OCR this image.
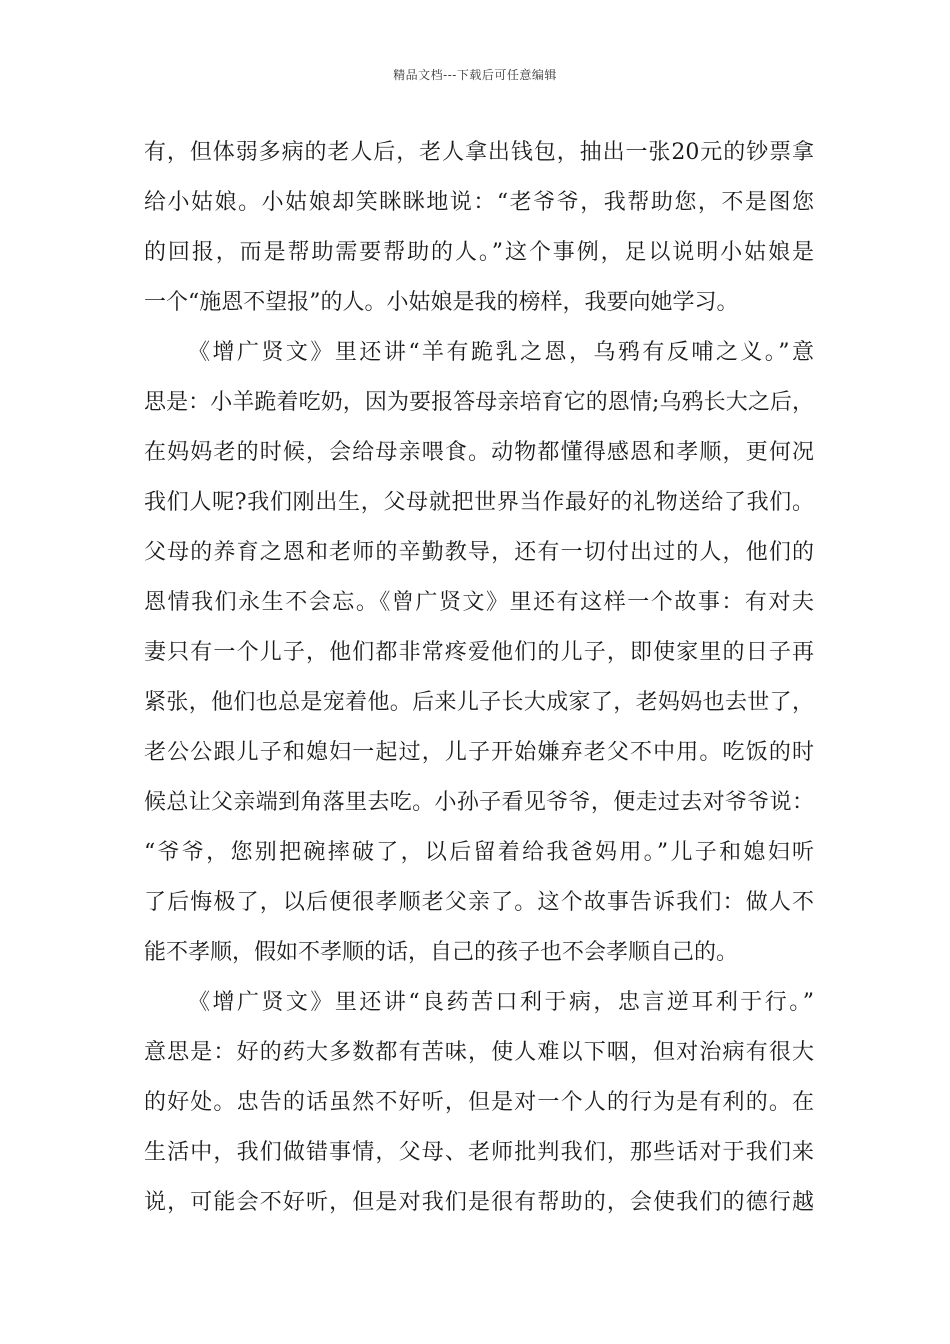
精品文档---下载后可任意编辑
有，但体弱多病的老人后，老人拿出钱包，抽出一张20元的钞票拿
给小姑娘。小姑娘却笑眯眯地说：“老爷爷，我帮助您，不是图您
的回报，而是帮助需要帮助的人。”这个事例，足以说明小姑娘是
一个“施恩不望报”的人。小姑娘是我的榜样，我要向她学习。
《增广贤文》里还讲“羊有跪乳之恩，乌鸦有反哺之义。”意
思是：小羊跪着吃奶，因为要报答母亲培育它的恩情;乌鸦长大之后，
在妈妈老的时候，会给母亲喂食。动物都懂得感恩和孝顺，更何况
我们人呢?我们刚出生，父母就把世界当作最好的礼物送给了我们。
父母的养育之恩和老师的辛勤教导，还有一切付出过的人，他们的
恩情我们永生不会忘。《曾广贤文》里还有这样一个故事：有对夫
妻只有一个儿子，他们都非常疼爱他们的儿子，即使家里的日子再
紧张，他们也总是宠着他。后来儿子长大成家了，老妈妈也去世了，
老公公跟儿子和媳妇一起过，儿子开始嫌弃老父不中用。吃饭的时
候总让父亲端到角落里去吃。小孙子看见爷爷，便走过去对爷爷说：
“爷爷，您别把碗摔破了，以后留着给我爸妈用。”儿子和媳妇听
了后悔极了，以后便很孝顺老父亲了。这个故事告诉我们：做人不
能不孝顺，假如不孝顺的话，自己的孩子也不会孝顺自己的。
《增广贤文》里还讲“良药苦口利于病，忠言逆耳利于行。”
意思是：好的药大多数都有苦味，使人难以下咽，但对治病有很大
的好处。忠告的话虽然不好听，但是对一个人的行为是有利的。在
生活中，我们做错事情，父母、老师批判我们，那些话对于我们来
说，可能会不好听，但是对我们是很有帮助的，会使我们的德行越
